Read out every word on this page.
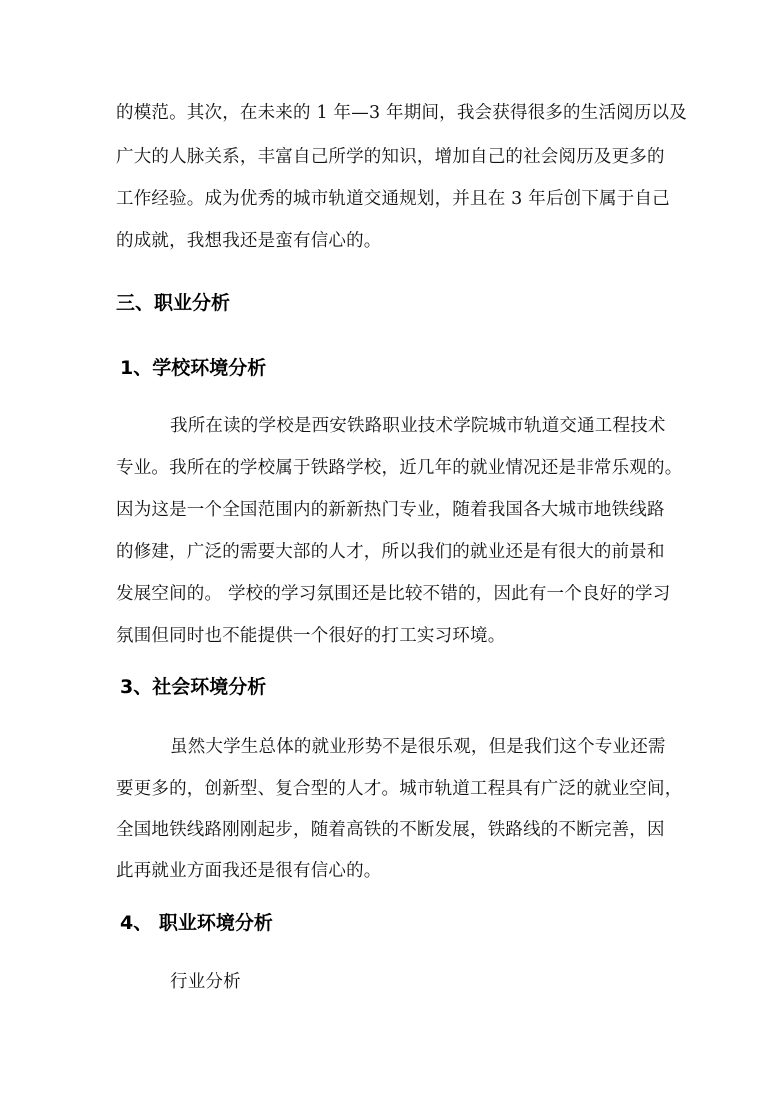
的模范。其次，在未来的 1 年—3 年期间，我会获得很多的生活阅历以及
广大的人脉关系，丰富自己所学的知识，增加自己的社会阅历及更多的
工作经验。成为优秀的城市轨道交通规划，并且在 3 年后创下属于自己
的成就，我想我还是蛮有信心的。
三、职业分析
1、学校环境分析
我所在读的学校是西安铁路职业技术学院城市轨道交通工程技术
专业。我所在的学校属于铁路学校，近几年的就业情况还是非常乐观的。
因为这是一个全国范围内的新新热门专业，随着我国各大城市地铁线路
的修建，广泛的需要大部的人才，所以我们的就业还是有很大的前景和
发展空间的。 学校的学习氛围还是比较不错的，因此有一个良好的学习
氛围但同时也不能提供一个很好的打工实习环境。
3、社会环境分析
虽然大学生总体的就业形势不是很乐观，但是我们这个专业还需
要更多的，创新型、复合型的人才。城市轨道工程具有广泛的就业空间，
全国地铁线路刚刚起步，随着高铁的不断发展，铁路线的不断完善，因
此再就业方面我还是很有信心的。
4、 职业环境分析
行业分析
